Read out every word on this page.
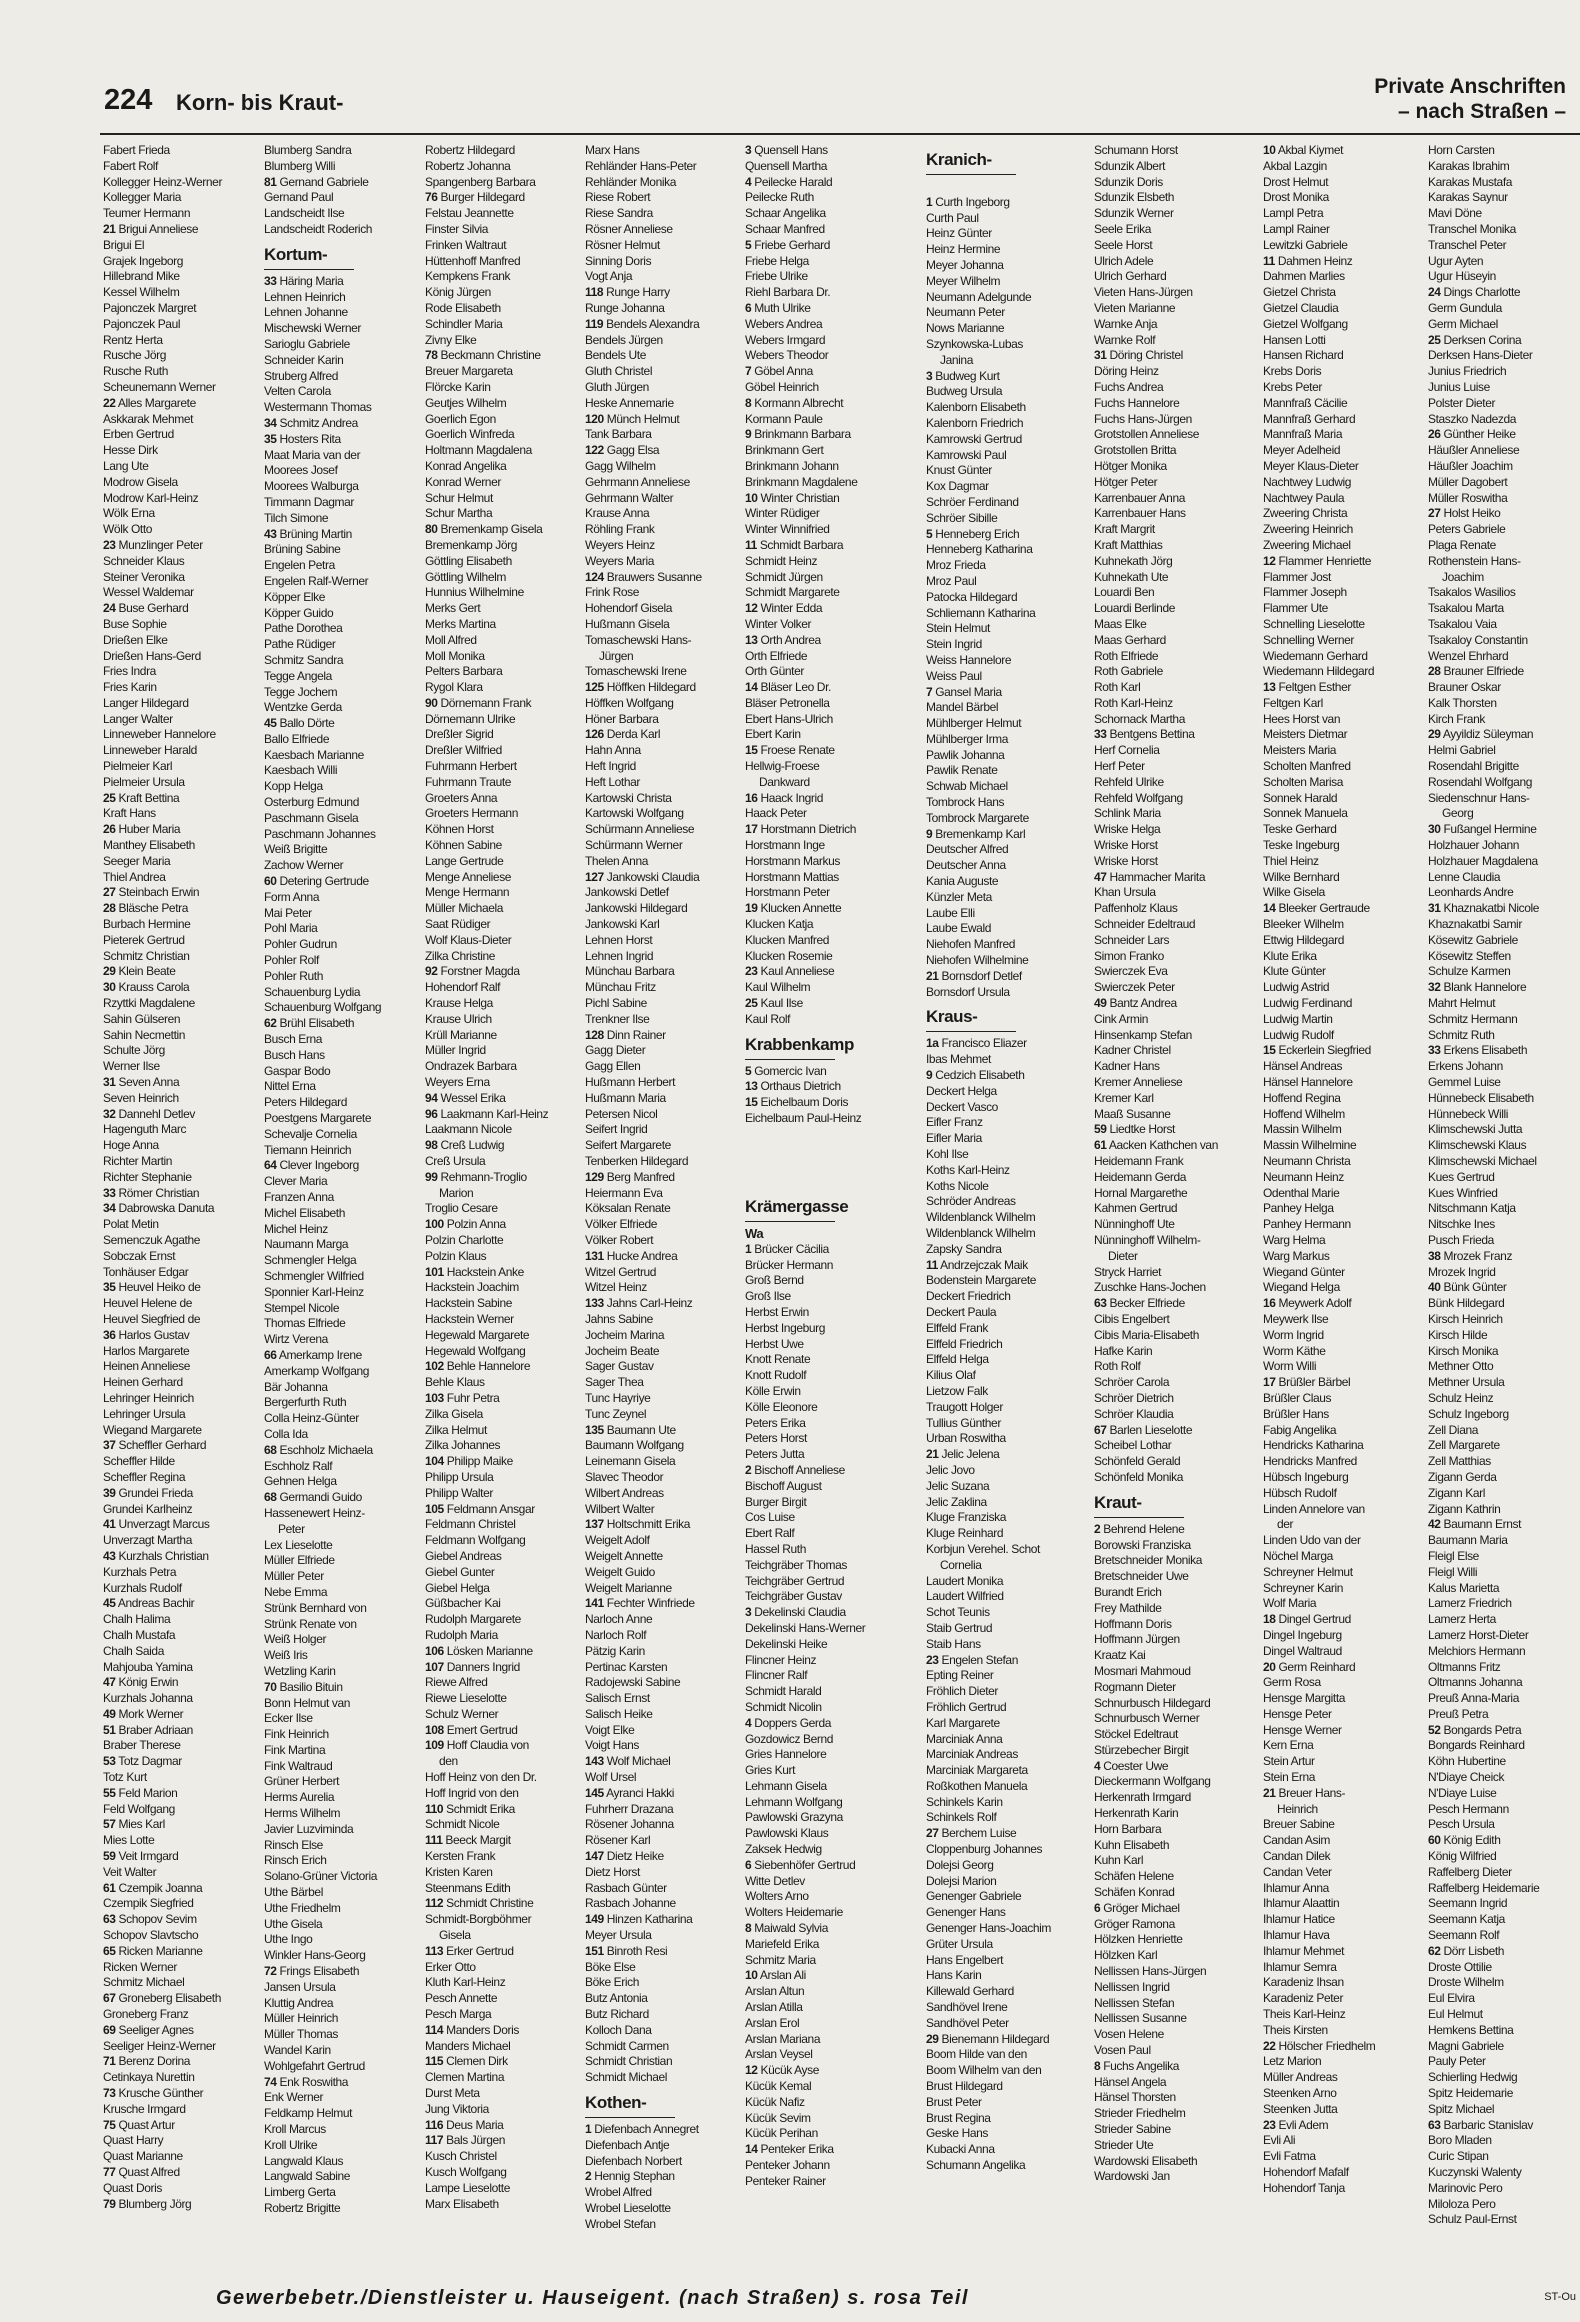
224 Korn- bis Kraut-
Private Anschriften
– nach Straßen –
Fabert Frieda
Fabert Rolf
Kollegger Heinz-Werner
Kollegger Maria
Teumer Hermann
21 Brigui Anneliese
Brigui El
Grajek Ingeborg
Hillebrand Mike
Kessel Wilhelm
Pajonczek Margret
Pajonczek Paul
Rentz Herta
Rusche Jörg
Rusche Ruth
Scheunemann Werner
22 Alles Margarete
Askkarak Mehmet
Erben Gertrud
Hesse Dirk
Lang Ute
Modrow Gisela
Modrow Karl-Heinz
Wölk Erna
Wölk Otto
23 Munzlinger Peter
Schneider Klaus
Steiner Veronika
Wessel Waldemar
24 Buse Gerhard
Buse Sophie
Drießen Elke
Drießen Hans-Gerd
Fries Indra
Fries Karin
Langer Hildegard
Langer Walter
Linneweber Hannelore
Linneweber Harald
Pielmeier Karl
Pielmeier Ursula
25 Kraft Bettina
Kraft Hans
26 Huber Maria
Manthey Elisabeth
Seeger Maria
Thiel Andrea
27 Steinbach Erwin
28 Bläsche Petra
Burbach Hermine
Pieterek Gertrud
Schmitz Christian
29 Klein Beate
30 Krauss Carola
Rzyttki Magdalene
Sahin Gülseren
Sahin Necmettin
Schulte Jörg
Werner Ilse
31 Seven Anna
Seven Heinrich
32 Dannehl Detlev
Hagenguth Marc
Hoge Anna
Richter Martin
Richter Stephanie
33 Römer Christian
34 Dabrowska Danuta
Polat Metin
Semenczuk Agathe
Sobczak Ernst
Tonhäuser Edgar
35 Heuvel Heiko de
Heuvel Helene de
Heuvel Siegfried de
36 Harlos Gustav
Harlos Margarete
Heinen Anneliese
Heinen Gerhard
Lehringer Heinrich
Lehringer Ursula
Wiegand Margarete
37 Scheffler Gerhard
Scheffler Hilde
Scheffler Regina
39 Grundei Frieda
Grundei Karlheinz
41 Unverzagt Marcus
Unverzagt Martha
43 Kurzhals Christian
Kurzhals Petra
Kurzhals Rudolf
45 Andreas Bachir
Chalh Halima
Chalh Mustafa
Chalh Saida
Mahjouba Yamina
47 König Erwin
Kurzhals Johanna
49 Mork Werner
51 Braber Adriaan
Braber Therese
53 Totz Dagmar
Totz Kurt
55 Feld Marion
Feld Wolfgang
57 Mies Karl
Mies Lotte
59 Veit Irmgard
Veit Walter
61 Czempik Joanna
Czempik Siegfried
63 Schopov Sevim
Schopov Slavtscho
65 Ricken Marianne
Ricken Werner
Schmitz Michael
67 Groneberg Elisabeth
Groneberg Franz
69 Seeliger Agnes
Seeliger Heinz-Werner
71 Berenz Dorina
Cetinkaya Nurettin
73 Krusche Günther
Krusche Irmgard
75 Quast Artur
Quast Harry
Quast Marianne
77 Quast Alfred
Quast Doris
79 Blumberg Jörg
Blumberg Sandra
Blumberg Willi
81 Gernand Gabriele
Gernand Paul
Landscheidt Ilse
Landscheidt Roderich
Kortum-
33 Häring Maria
Lehnen Heinrich
Lehnen Johanne
Mischewski Werner
Sarioglu Gabriele
Schneider Karin
Struberg Alfred
Velten Carola
Westermann Thomas
34 Schmitz Andrea
35 Hosters Rita
Maat Maria van der
Moorees Josef
Moorees Walburga
Timmann Dagmar
Tilch Simone
43 Brüning Martin
Brüning Sabine
Engelen Petra
Engelen Ralf-Werner
Köpper Elke
Köpper Guido
Pathe Dorothea
Pathe Rüdiger
Schmitz Sandra
Tegge Angela
Tegge Jochem
Wentzke Gerda
45 Ballo Dörte
Ballo Elfriede
Kaesbach Marianne
Kaesbach Willi
Kopp Helga
Osterburg Edmund
Paschmann Gisela
Paschmann Johannes
Weiß Brigitte
Zachow Werner
60 Detering Gertrude
Form Anna
Mai Peter
Pohl Maria
Pohler Gudrun
Pohler Rolf
Pohler Ruth
Schauenburg Lydia
Schauenburg Wolfgang
62 Brühl Elisabeth
Busch Erna
Busch Hans
Gaspar Bodo
Nittel Erna
Peters Hildegard
Poestgens Margarete
Schevalje Cornelia
Tiemann Heinrich
64 Clever Ingeborg
Clever Maria
Franzen Anna
Michel Elisabeth
Michel Heinz
Naumann Marga
Schmengler Helga
Schmengler Wilfried
Sponnier Karl-Heinz
Stempel Nicole
Thomas Elfriede
Wirtz Verena
66 Amerkamp Irene
Amerkamp Wolfgang
Bär Johanna
Bergerfurth Ruth
Colla Heinz-Günter
Colla Ida
68 Eschholz Michaela
Eschholz Ralf
Gehnen Helga
68 Germandi Guido
Hassenewert Heinz-
Peter
Lex Lieselotte
Müller Elfriede
Müller Peter
Nebe Emma
Strünk Bernhard von
Strünk Renate von
Weiß Holger
Weiß Iris
Wetzling Karin
70 Basilio Bituin
Bonn Helmut van
Ecker Ilse
Fink Heinrich
Fink Martina
Fink Waltraud
Grüner Herbert
Herms Aurelia
Herms Wilhelm
Javier Luzviminda
Rinsch Else
Rinsch Erich
Solano-Grüner Victoria
Uthe Bärbel
Uthe Friedhelm
Uthe Gisela
Uthe Ingo
Winkler Hans-Georg
72 Frings Elisabeth
Jansen Ursula
Kluttig Andrea
Müller Heinrich
Müller Thomas
Wandel Karin
Wohlgefahrt Gertrud
74 Enk Roswitha
Enk Werner
Feldkamp Helmut
Kroll Marcus
Kroll Ulrike
Langwald Klaus
Langwald Sabine
Limberg Gerta
Robertz Brigitte
Robertz Hildegard
Robertz Johanna
Spangenberg Barbara
76 Burger Hildegard
Felstau Jeannette
Finster Silvia
Frinken Waltraut
Hüttenhoff Manfred
Kempkens Frank
König Jürgen
Rode Elisabeth
Schindler Maria
Zivny Elke
78 Beckmann Christine
Breuer Margareta
Flörcke Karin
Geutjes Wilhelm
Goerlich Egon
Goerlich Winfreda
Holtmann Magdalena
Konrad Angelika
Konrad Werner
Schur Helmut
Schur Martha
80 Bremenkamp Gisela
Bremenkamp Jörg
Göttling Elisabeth
Göttling Wilhelm
Hunnius Wilhelmine
Merks Gert
Merks Martina
Moll Alfred
Moll Monika
Pelters Barbara
Rygol Klara
90 Dörnemann Frank
Dörnemann Ulrike
Dreßler Sigrid
Dreßler Wilfried
Fuhrmann Herbert
Fuhrmann Traute
Groeters Anna
Groeters Hermann
Köhnen Horst
Köhnen Sabine
Lange Gertrude
Menge Anneliese
Menge Hermann
Müller Michaela
Saat Rüdiger
Wolf Klaus-Dieter
Zilka Christine
92 Forstner Magda
Hohendorf Ralf
Krause Helga
Krause Ulrich
Krüll Marianne
Müller Ingrid
Ondrazek Barbara
Weyers Erna
94 Wessel Erika
96 Laakmann Karl-Heinz
Laakmann Nicole
98 Creß Ludwig
Creß Ursula
99 Rehmann-Troglio
Marion
Troglio Cesare
100 Polzin Anna
Polzin Charlotte
Polzin Klaus
101 Hackstein Anke
Hackstein Joachim
Hackstein Sabine
Hackstein Werner
Hegewald Margarete
Hegewald Wolfgang
102 Behle Hannelore
Behle Klaus
103 Fuhr Petra
Zilka Gisela
Zilka Helmut
Zilka Johannes
104 Philipp Maike
Philipp Ursula
Philipp Walter
105 Feldmann Ansgar
Feldmann Christel
Feldmann Wolfgang
Giebel Andreas
Giebel Gunter
Giebel Helga
Güßbacher Kai
Rudolph Margarete
Rudolph Maria
106 Lösken Marianne
107 Danners Ingrid
Riewe Alfred
Riewe Lieselotte
Schulz Werner
108 Emert Gertrud
109 Hoff Claudia von
den
Hoff Heinz von den Dr.
Hoff Ingrid von den
110 Schmidt Erika
Schmidt Nicole
111 Beeck Margit
Kersten Frank
Kristen Karen
Steenmans Edith
112 Schmidt Christine
Schmidt-Borgböhmer
Gisela
113 Erker Gertrud
Erker Otto
Kluth Karl-Heinz
Pesch Annette
Pesch Marga
114 Manders Doris
Manders Michael
115 Clemen Dirk
Clemen Martina
Durst Meta
Jung Viktoria
116 Deus Maria
117 Bals Jürgen
Kusch Christel
Kusch Wolfgang
Lampe Lieselotte
Marx Elisabeth
Marx Hans
Rehländer Hans-Peter
Rehländer Monika
Riese Robert
Riese Sandra
Rösner Anneliese
Rösner Helmut
Sinning Doris
Vogt Anja
118 Runge Harry
Runge Johanna
119 Bendels Alexandra
Bendels Jürgen
Bendels Ute
Gluth Christel
Gluth Jürgen
Heske Annemarie
120 Münch Helmut
Tank Barbara
122 Gagg Elsa
Gagg Wilhelm
Gehrmann Anneliese
Gehrmann Walter
Krause Anna
Röhling Frank
Weyers Heinz
Weyers Maria
124 Brauwers Susanne
Frink Rose
Hohendorf Gisela
Hußmann Gisela
Tomaschewski Hans-
Jürgen
Tomaschewski Irene
125 Höffken Hildegard
Höffken Wolfgang
Höner Barbara
126 Derda Karl
Hahn Anna
Heft Ingrid
Heft Lothar
Kartowski Christa
Kartowski Wolfgang
Schürmann Anneliese
Schürmann Werner
Thelen Anna
127 Jankowski Claudia
Jankowski Detlef
Jankowski Hildegard
Jankowski Karl
Lehnen Horst
Lehnen Ingrid
Münchau Barbara
Münchau Fritz
Pichl Sabine
Trenkner Ilse
128 Dinn Rainer
Gagg Dieter
Gagg Ellen
Hußmann Herbert
Hußmann Maria
Petersen Nicol
Seifert Ingrid
Seifert Margarete
Tenberken Hildegard
129 Berg Manfred
Heiermann Eva
Köksalan Renate
Völker Elfriede
Völker Robert
131 Hucke Andrea
Witzel Gertrud
Witzel Heinz
133 Jahns Carl-Heinz
Jahns Sabine
Jocheim Marina
Jocheim Beate
Sager Gustav
Sager Thea
Tunc Hayriye
Tunc Zeynel
135 Baumann Ute
Baumann Wolfgang
Leinemann Gisela
Slavec Theodor
Wilbert Andreas
Wilbert Walter
137 Holtschmitt Erika
Weigelt Adolf
Weigelt Annette
Weigelt Guido
Weigelt Marianne
141 Fechter Winfriede
Narloch Anne
Narloch Rolf
Pätzig Karin
Pertinac Karsten
Radojewski Sabine
Salisch Ernst
Salisch Heike
Voigt Elke
Voigt Hans
143 Wolf Michael
Wolf Ursel
145 Ayranci Hakki
Fuhrherr Drazana
Rösener Johanna
Rösener Karl
147 Dietz Heike
Dietz Horst
Rasbach Günter
Rasbach Johanne
149 Hinzen Katharina
Meyer Ursula
151 Binroth Resi
Böke Else
Böke Erich
Butz Antonia
Butz Richard
Kolloch Dana
Schmidt Carmen
Schmidt Christian
Schmidt Michael
Kothen-
1 Diefenbach Annegret
Diefenbach Antje
Diefenbach Norbert
2 Hennig Stephan
Wrobel Alfred
Wrobel Lieselotte
Wrobel Stefan
3 Quensell Hans
Quensell Martha
4 Peilecke Harald
Peilecke Ruth
Schaar Angelika
Schaar Manfred
5 Friebe Gerhard
Friebe Helga
Friebe Ulrike
Riehl Barbara Dr.
6 Muth Ulrike
Webers Andrea
Webers Irmgard
Webers Theodor
7 Göbel Anna
Göbel Heinrich
8 Kormann Albrecht
Kormann Paule
9 Brinkmann Barbara
Brinkmann Gert
Brinkmann Johann
Brinkmann Magdalene
10 Winter Christian
Winter Rüdiger
Winter Winnifried
11 Schmidt Barbara
Schmidt Heinz
Schmidt Jürgen
Schmidt Margarete
12 Winter Edda
Winter Volker
13 Orth Andrea
Orth Elfriede
Orth Günter
14 Bläser Leo Dr.
Bläser Petronella
Ebert Hans-Ulrich
Ebert Karin
15 Froese Renate
Hellwig-Froese
Dankward
16 Haack Ingrid
Haack Peter
17 Horstmann Dietrich
Horstmann Inge
Horstmann Markus
Horstmann Mattias
Horstmann Peter
19 Klucken Annette
Klucken Katja
Klucken Manfred
Klucken Rosemie
23 Kaul Anneliese
Kaul Wilhelm
25 Kaul Ilse
Kaul Rolf
Krabbenkamp
5 Gomercic Ivan
13 Orthaus Dietrich
15 Eichelbaum Doris
Eichelbaum Paul-Heinz

Krämergasse
Wa
1 Brücker Cäcilia
Brücker Hermann
Groß Bernd
Groß Ilse
Herbst Erwin
Herbst Ingeburg
Herbst Uwe
Knott Renate
Knott Rudolf
Kölle Erwin
Kölle Eleonore
Peters Erika
Peters Horst
Peters Jutta
2 Bischoff Anneliese
Bischoff August
Burger Birgit
Cos Luise
Ebert Ralf
Hassel Ruth
Teichgräber Thomas
Teichgräber Gertrud
Teichgräber Gustav
3 Dekelinski Claudia
Dekelinski Hans-Werner
Dekelinski Heike
Flincner Heinz
Flincner Ralf
Schmidt Harald
Schmidt Nicolin
4 Doppers Gerda
Gozdowicz Bernd
Gries Hannelore
Gries Kurt
Lehmann Gisela
Lehmann Wolfgang
Pawlowski Grazyna
Pawlowski Klaus
Zaksek Hedwig
6 Siebenhöfer Gertrud
Witte Detlev
Wolters Arno
Wolters Heidemarie
8 Maiwald Sylvia
Mariefeld Erika
Schmitz Maria
10 Arslan Ali
Arslan Altun
Arslan Atilla
Arslan Erol
Arslan Mariana
Arslan Veysel
12 Kücük Ayse
Kücük Kemal
Kücük Nafiz
Kücük Sevim
Kücük Perihan
14 Penteker Erika
Penteker Johann
Penteker Rainer
Kranich-

1 Curth Ingeborg
Curth Paul
Heinz Günter
Heinz Hermine
Meyer Johanna
Meyer Wilhelm
Neumann Adelgunde
Neumann Peter
Nows Marianne
Szynkowska-Lubas
Janina
3 Budweg Kurt
Budweg Ursula
Kalenborn Elisabeth
Kalenborn Friedrich
Kamrowski Gertrud
Kamrowski Paul
Knust Günter
Kox Dagmar
Schröer Ferdinand
Schröer Sibille
5 Henneberg Erich
Henneberg Katharina
Mroz Frieda
Mroz Paul
Patocka Hildegard
Schliemann Katharina
Stein Helmut
Stein Ingrid
Weiss Hannelore
Weiss Paul
7 Gansel Maria
Mandel Bärbel
Mühlberger Helmut
Mühlberger Irma
Pawlik Johanna
Pawlik Renate
Schwab Michael
Tombrock Hans
Tombrock Margarete
9 Bremenkamp Karl
Deutscher Alfred
Deutscher Anna
Kania Auguste
Künzler Meta
Laube Elli
Laube Ewald
Niehofen Manfred
Niehofen Wilhelmine
21 Bornsdorf Detlef
Bornsdorf Ursula
Kraus-
1a Francisco Eliazer
Ibas Mehmet
9 Cedzich Elisabeth
Deckert Helga
Deckert Vasco
Eifler Franz
Eifler Maria
Kohl Ilse
Koths Karl-Heinz
Koths Nicole
Schröder Andreas
Wildenblanck Wilhelm
Wildenblanck Wilhelm
Zapsky Sandra
11 Andrzejczak Maik
Bodenstein Margarete
Deckert Friedrich
Deckert Paula
Elffeld Frank
Elffeld Friedrich
Elffeld Helga
Kilius Olaf
Lietzow Falk
Traugott Holger
Tullius Günther
Urban Roswitha
21 Jelic Jelena
Jelic Jovo
Jelic Suzana
Jelic Zaklina
Kluge Franziska
Kluge Reinhard
Korbjun Verehel. Schot
Cornelia
Laudert Monika
Laudert Wilfried
Schot Teunis
Staib Gertrud
Staib Hans
23 Engelen Stefan
Epting Reiner
Fröhlich Dieter
Fröhlich Gertrud
Karl Margarete
Marciniak Anna
Marciniak Andreas
Marciniak Margareta
Roßkothen Manuela
Schinkels Karin
Schinkels Rolf
27 Berchem Luise
Cloppenburg Johannes
Dolejsi Georg
Dolejsi Marion
Genenger Gabriele
Genenger Hans
Genenger Hans-Joachim
Grüter Ursula
Hans Engelbert
Hans Karin
Killewald Gerhard
Sandhövel Irene
Sandhövel Peter
29 Bienemann Hildegard
Boom Hilde van den
Boom Wilhelm van den
Brust Hildegard
Brust Peter
Brust Regina
Geske Hans
Kubacki Anna
Schumann Angelika
Schumann Horst
Sdunzik Albert
Sdunzik Doris
Sdunzik Elsbeth
Sdunzik Werner
Seele Erika
Seele Horst
Ulrich Adele
Ulrich Gerhard
Vieten Hans-Jürgen
Vieten Marianne
Warnke Anja
Warnke Rolf
31 Döring Christel
Döring Heinz
Fuchs Andrea
Fuchs Hannelore
Fuchs Hans-Jürgen
Grotstollen Anneliese
Grotstollen Britta
Hötger Monika
Hötger Peter
Karrenbauer Anna
Karrenbauer Hans
Kraft Margrit
Kraft Matthias
Kuhnekath Jörg
Kuhnekath Ute
Louardi Ben
Louardi Berlinde
Maas Elke
Maas Gerhard
Roth Elfriede
Roth Gabriele
Roth Karl
Roth Karl-Heinz
Schornack Martha
33 Bentgens Bettina
Herf Cornelia
Herf Peter
Rehfeld Ulrike
Rehfeld Wolfgang
Schlink Maria
Wriske Helga
Wriske Horst
Wriske Horst
47 Hammacher Marita
Khan Ursula
Paffenholz Klaus
Schneider Edeltraud
Schneider Lars
Simon Franko
Swierczek Eva
Swierczek Peter
49 Bantz Andrea
Cink Armin
Hinsenkamp Stefan
Kadner Christel
Kadner Hans
Kremer Anneliese
Kremer Karl
Maaß Susanne
59 Liedtke Horst
61 Aacken Kathchen van
Heidemann Frank
Heidemann Gerda
Hornal Margarethe
Kahmen Gertrud
Nünninghoff Ute
Nünninghoff Wilhelm-
Dieter
Stryck Harriet
Zuschke Hans-Jochen
63 Becker Elfriede
Cibis Engelbert
Cibis Maria-Elisabeth
Hafke Karin
Roth Rolf
Schröer Carola
Schröer Dietrich
Schröer Klaudia
67 Barlen Lieselotte
Scheibel Lothar
Schönfeld Gerald
Schönfeld Monika
Kraut-
2 Behrend Helene
Borowski Franziska
Bretschneider Monika
Bretschneider Uwe
Burandt Erich
Frey Mathilde
Hoffmann Doris
Hoffmann Jürgen
Kraatz Kai
Mosmari Mahmoud
Rogmann Dieter
Schnurbusch Hildegard
Schnurbusch Werner
Stöckel Edeltraut
Stürzebecher Birgit
4 Coester Uwe
Dieckermann Wolfgang
Herkenrath Irmgard
Herkenrath Karin
Horn Barbara
Kuhn Elisabeth
Kuhn Karl
Schäfen Helene
Schäfen Konrad
6 Gröger Michael
Gröger Ramona
Hölzken Henriette
Hölzken Karl
Nellissen Hans-Jürgen
Nellissen Ingrid
Nellissen Stefan
Nellissen Susanne
Vosen Helene
Vosen Paul
8 Fuchs Angelika
Hänsel Angela
Hänsel Thorsten
Strieder Friedhelm
Strieder Sabine
Strieder Ute
Wardowski Elisabeth
Wardowski Jan
10 Akbal Kiymet
Akbal Lazgin
Drost Helmut
Drost Monika
Lampl Petra
Lampl Rainer
Lewitzki Gabriele
11 Dahmen Heinz
Dahmen Marlies
Gietzel Christa
Gietzel Claudia
Gietzel Wolfgang
Hansen Lotti
Hansen Richard
Krebs Doris
Krebs Peter
Mannfraß Cäcilie
Mannfraß Gerhard
Mannfraß Maria
Meyer Adelheid
Meyer Klaus-Dieter
Nachtwey Ludwig
Nachtwey Paula
Zweering Christa
Zweering Heinrich
Zweering Michael
12 Flammer Henriette
Flammer Jost
Flammer Joseph
Flammer Ute
Schnelling Lieselotte
Schnelling Werner
Wiedemann Gerhard
Wiedemann Hildegard
13 Feltgen Esther
Feltgen Karl
Hees Horst van
Meisters Dietmar
Meisters Maria
Scholten Manfred
Scholten Marisa
Sonnek Harald
Sonnek Manuela
Teske Gerhard
Teske Ingeburg
Thiel Heinz
Wilke Bernhard
Wilke Gisela
14 Bleeker Gertraude
Bleeker Wilhelm
Ettwig Hildegard
Klute Erika
Klute Günter
Ludwig Astrid
Ludwig Ferdinand
Ludwig Martin
Ludwig Rudolf
15 Eckerlein Siegfried
Hänsel Andreas
Hänsel Hannelore
Hoffend Regina
Hoffend Wilhelm
Massin Wilhelm
Massin Wilhelmine
Neumann Christa
Neumann Heinz
Odenthal Marie
Panhey Helga
Panhey Hermann
Warg Helma
Warg Markus
Wiegand Günter
Wiegand Helga
16 Meywerk Adolf
Meywerk Ilse
Worm Ingrid
Worm Käthe
Worm Willi
17 Brüßler Bärbel
Brüßler Claus
Brüßler Hans
Fabig Angelika
Hendricks Katharina
Hendricks Manfred
Hübsch Ingeburg
Hübsch Rudolf
Linden Annelore van
der
Linden Udo van der
Nöchel Marga
Schreyner Helmut
Schreyner Karin
Wolf Maria
18 Dingel Gertrud
Dingel Ingeburg
Dingel Waltraud
20 Germ Reinhard
Germ Rosa
Hensge Margitta
Hensge Peter
Hensge Werner
Kern Erna
Stein Artur
Stein Erna
21 Breuer Hans-
Heinrich
Breuer Sabine
Candan Asim
Candan Dilek
Candan Veter
Ihlamur Anna
Ihlamur Alaattin
Ihlamur Hatice
Ihlamur Hava
Ihlamur Mehmet
Ihlamur Semra
Karadeniz Ihsan
Karadeniz Peter
Theis Karl-Heinz
Theis Kirsten
22 Hölscher Friedhelm
Letz Marion
Müller Andreas
Steenken Arno
Steenken Jutta
23 Evli Adem
Evli Ali
Evli Fatma
Hohendorf Mafalf
Hohendorf Tanja
Horn Carsten
Karakas Ibrahim
Karakas Mustafa
Karakas Saynur
Mavi Döne
Transchel Monika
Transchel Peter
Ugur Ayten
Ugur Hüseyin
24 Dings Charlotte
Germ Gundula
Germ Michael
25 Derksen Corina
Derksen Hans-Dieter
Junius Friedrich
Junius Luise
Polster Dieter
Staszko Nadezda
26 Günther Heike
Häußler Anneliese
Häußler Joachim
Müller Dagobert
Müller Roswitha
27 Holst Heiko
Peters Gabriele
Plaga Renate
Rothenstein Hans-
Joachim
Tsakalos Wasilios
Tsakalou Marta
Tsakalou Vaia
Tsakaloy Constantin
Wenzel Ehrhard
28 Brauner Elfriede
Brauner Oskar
Kalk Thorsten
Kirch Frank
29 Ayyildiz Süleyman
Helmi Gabriel
Rosendahl Brigitte
Rosendahl Wolfgang
Siedenschnur Hans-
Georg
30 Fußangel Hermine
Holzhauer Johann
Holzhauer Magdalena
Lenne Claudia
Leonhards Andre
31 Khaznakatbi Nicole
Khaznakatbi Samir
Kösewitz Gabriele
Kösewitz Steffen
Schulze Karmen
32 Blank Hannelore
Mahrt Helmut
Schmitz Hermann
Schmitz Ruth
33 Erkens Elisabeth
Erkens Johann
Gemmel Luise
Hünnebeck Elisabeth
Hünnebeck Willi
Klimschewski Jutta
Klimschewski Klaus
Klimschewski Michael
Kues Gertrud
Kues Winfried
Nitschmann Katja
Nitschke Ines
Pusch Frieda
38 Mrozek Franz
Mrozek Ingrid
40 Bünk Günter
Bünk Hildegard
Kirsch Heinrich
Kirsch Hilde
Kirsch Monika
Methner Otto
Methner Ursula
Schulz Heinz
Schulz Ingeborg
Zell Diana
Zell Margarete
Zell Matthias
Zigann Gerda
Zigann Karl
Zigann Kathrin
42 Baumann Ernst
Baumann Maria
Fleigl Else
Fleigl Willi
Kalus Marietta
Lamerz Friedrich
Lamerz Herta
Lamerz Horst-Dieter
Melchiors Hermann
Oltmanns Fritz
Oltmanns Johanna
Preuß Anna-Maria
Preuß Petra
52 Bongards Petra
Bongards Reinhard
Köhn Hubertine
N'Diaye Cheick
N'Diaye Luise
Pesch Hermann
Pesch Ursula
60 König Edith
König Wilfried
Raffelberg Dieter
Raffelberg Heidemarie
Seemann Ingrid
Seemann Katja
Seemann Rolf
62 Dörr Lisbeth
Droste Ottilie
Droste Wilhelm
Eul Elvira
Eul Helmut
Hemkens Bettina
Magni Gabriele
Pauly Peter
Schierling Hedwig
Spitz Heidemarie
Spitz Michael
63 Barbaric Stanislav
Boro Mladen
Curic Stipan
Kuczynski Walenty
Marinovic Pero
Miloloza Pero
Schulz Paul-Ernst
Gewerbebetr./Dienstleister u. Hauseigent. (nach Straßen) s. rosa Teil	ST-Ou
